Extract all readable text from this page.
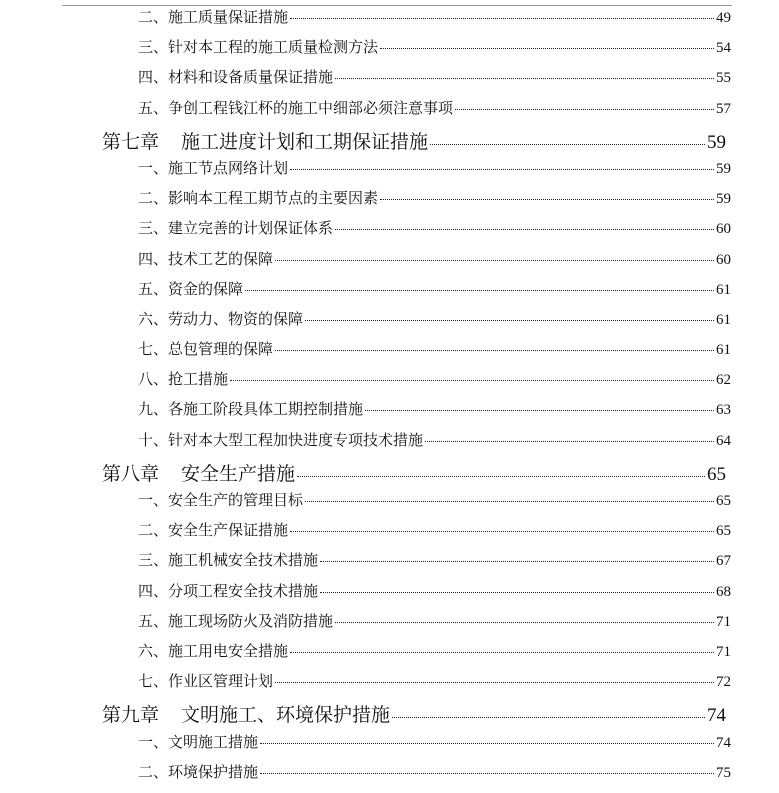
二、施工质量保证措施	49
三、针对本工程的施工质量检测方法	54
四、材料和设备质量保证措施	55
五、争创工程钱江杯的施工中细部必须注意事项	57
第七章 施工进度计划和工期保证措施	59
一、施工节点网络计划	59
二、影响本工程工期节点的主要因素	59
三、建立完善的计划保证体系	60
四、技术工艺的保障	60
五、资金的保障	61
六、劳动力、物资的保障	61
七、总包管理的保障	61
八、抢工措施	62
九、各施工阶段具体工期控制措施	63
十、针对本大型工程加快进度专项技术措施	64
第八章 安全生产措施	65
一、安全生产的管理目标	65
二、安全生产保证措施	65
三、施工机械安全技术措施	67
四、分项工程安全技术措施	68
五、施工现场防火及消防措施	71
六、施工用电安全措施	71
七、作业区管理计划	72
第九章 文明施工、环境保护措施	74
一、文明施工措施	74
二、环境保护措施	75
